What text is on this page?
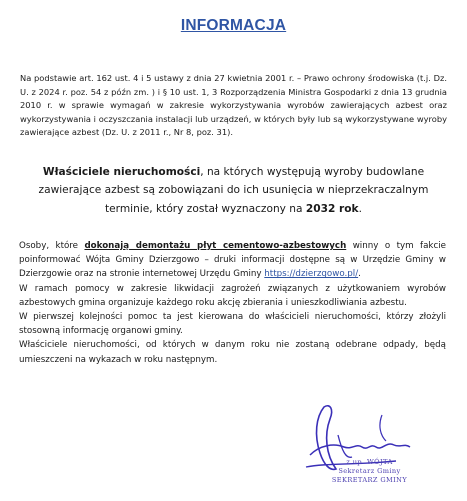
INFORMACJA
Na podstawie art. 162 ust. 4 i 5 ustawy z dnia 27 kwietnia 2001 r. – Prawo ochrony środowiska (t.j. Dz. U. z 2024 r. poz. 54 z późn zm. ) i § 10 ust. 1, 3 Rozporządzenia Ministra Gospodarki z dnia 13 grudnia 2010 r. w sprawie wymagań w zakresie wykorzystywania wyrobów zawierających azbest oraz wykorzystywania i oczyszczania instalacji lub urządzeń, w których były lub są wykorzystywane wyroby zawierające azbest (Dz. U. z 2011 r., Nr 8, poz. 31).
Właściciele nieruchomości, na których występują wyroby budowlane zawierające azbest są zobowiązani do ich usunięcia w nieprzekraczalnym terminie, który został wyznaczony na 2032 rok.
Osoby, które dokonają demontażu płyt cementowo-azbestowych winny o tym fakcie poinformować Wójta Gminy Dzierzgowo – druki informacji dostępne są w Urzędzie Gminy w Dzierzgowie oraz na stronie internetowej Urzędu Gminy https://dzierzgowo.pl/.
W ramach pomocy w zakresie likwidacji zagrożeń związanych z użytkowaniem wyrobów azbestowych gmina organizuje każdego roku akcję zbierania i unieszkodliwiania azbestu.
W pierwszej kolejności pomoc ta jest kierowana do właścicieli nieruchomości, którzy złożyli stosowną informację organowi gminy.
Właściciele nieruchomości, od których w danym roku nie zostaną odebrane odpady, będą umieszczeni na wykazach w roku następnym.
z up. WÓJTA
Sekretarz Gminy
SEKRETARZ GMINY
